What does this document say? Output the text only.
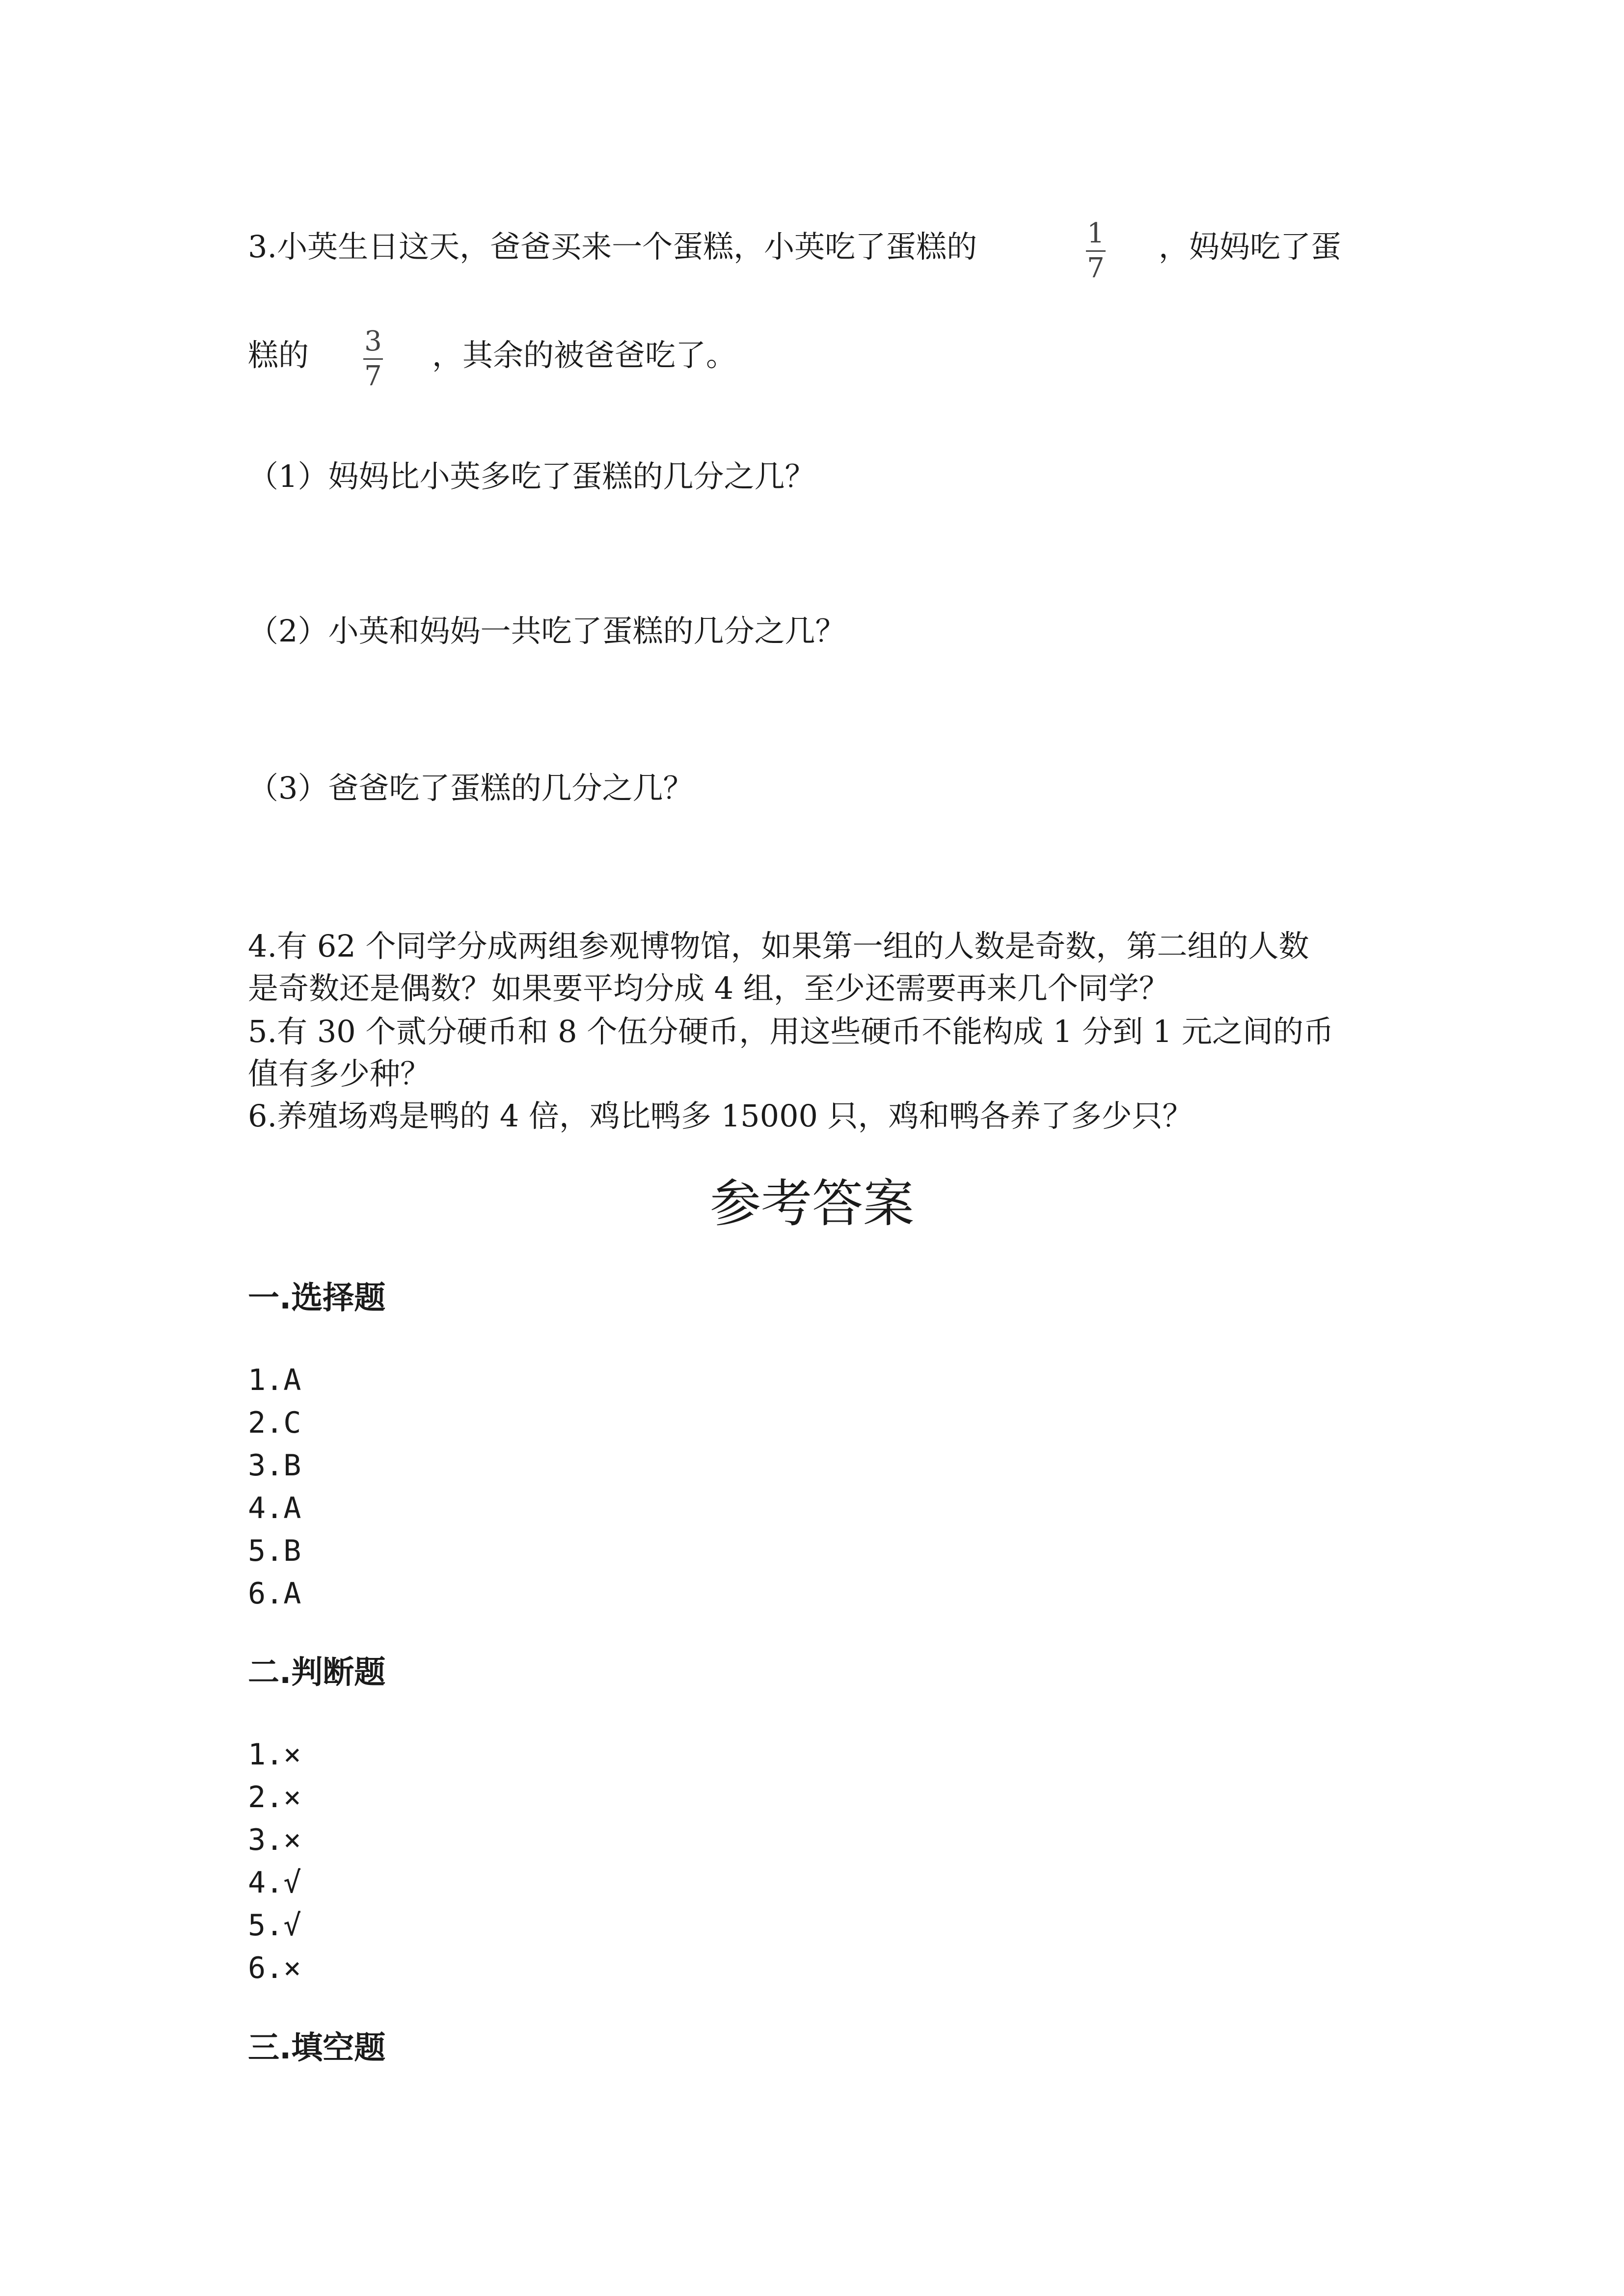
3.小英生日这天，爸爸买来一个蛋糕，小英吃了蛋糕的	1
7
，妈妈吃了蛋
糕的 3
7
，其余的被爸爸吃了。
（1）妈妈比小英多吃了蛋糕的几分之几？
（2）小英和妈妈一共吃了蛋糕的几分之几？
（3）爸爸吃了蛋糕的几分之几？
4.有 62 个同学分成两组参观博物馆，如果第一组的人数是奇数，第二组的人数
是奇数还是偶数？如果要平均分成 4 组，至少还需要再来几个同学？
5.有 30 个贰分硬币和 8 个伍分硬币，用这些硬币不能构成 1 分到 1 元之间的币
值有多少种？
6.养殖场鸡是鸭的 4 倍，鸡比鸭多 15000 只，鸡和鸭各养了多少只？
参考答案
一.选择题
1.A
2.C
3.B
4.A
5.B
6.A
二.判断题
1.×
2.×
3.×
4.√
5.√
6.×
三.填空题
